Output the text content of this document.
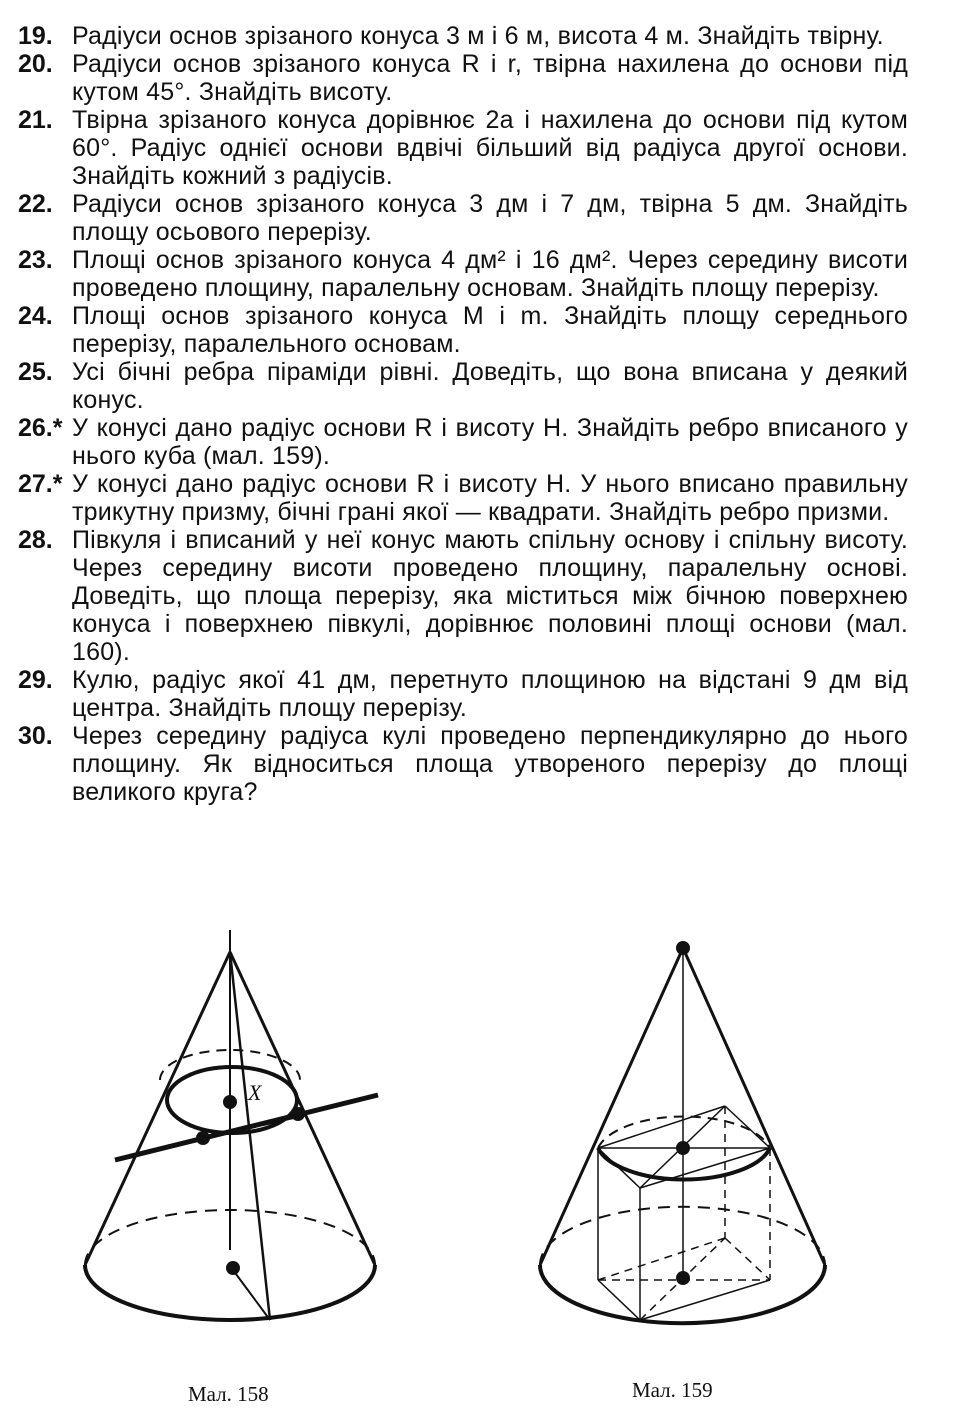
19. Радіуси основ зрізаного конуса 3 м і 6 м, висота 4 м. Знайдіть твірну.
20. Радіуси основ зрізаного конуса R і r, твірна нахилена до основи під кутом 45°. Знайдіть висоту.
21. Твірна зрізаного конуса дорівнює 2a і нахилена до основи під кутом 60°. Радіус однієї основи вдвічі більший від радіуса другої основи. Знайдіть кожний з радіусів.
22. Радіуси основ зрізаного конуса 3 дм і 7 дм, твірна 5 дм. Знайдіть площу осьового перерізу.
23. Площі основ зрізаного конуса 4 дм² і 16 дм². Через середину висоти проведено площину, паралельну основам. Знайдіть площу перерізу.
24. Площі основ зрізаного конуса M і m. Знайдіть площу середнього перерізу, паралельного основам.
25. Усі бічні ребра піраміди рівні. Доведіть, що вона вписана у деякий конус.
26.* У конусі дано радіус основи R і висоту H. Знайдіть ребро вписаного у нього куба (мал. 159).
27.* У конусі дано радіус основи R і висоту H. У нього вписано правильну трикутну призму, бічні грані якої — квадрати. Знайдіть ребро призми.
28. Півкуля і вписаний у неї конус мають спільну основу і спільну висоту. Через середину висоти проведено площину, паралельну основі. Доведіть, що площа перерізу, яка міститься між бічною поверхнею конуса і поверхнею півкулі, дорівнює половині площі основи (мал. 160).
29. Кулю, радіус якої 41 дм, перетнуто площиною на відстані 9 дм від центра. Знайдіть площу перерізу.
30. Через середину радіуса кулі проведено перпендикулярно до нього площину. Як відноситься площа утвореного перерізу до площі великого круга?
X
Мал. 158	Мал. 159
